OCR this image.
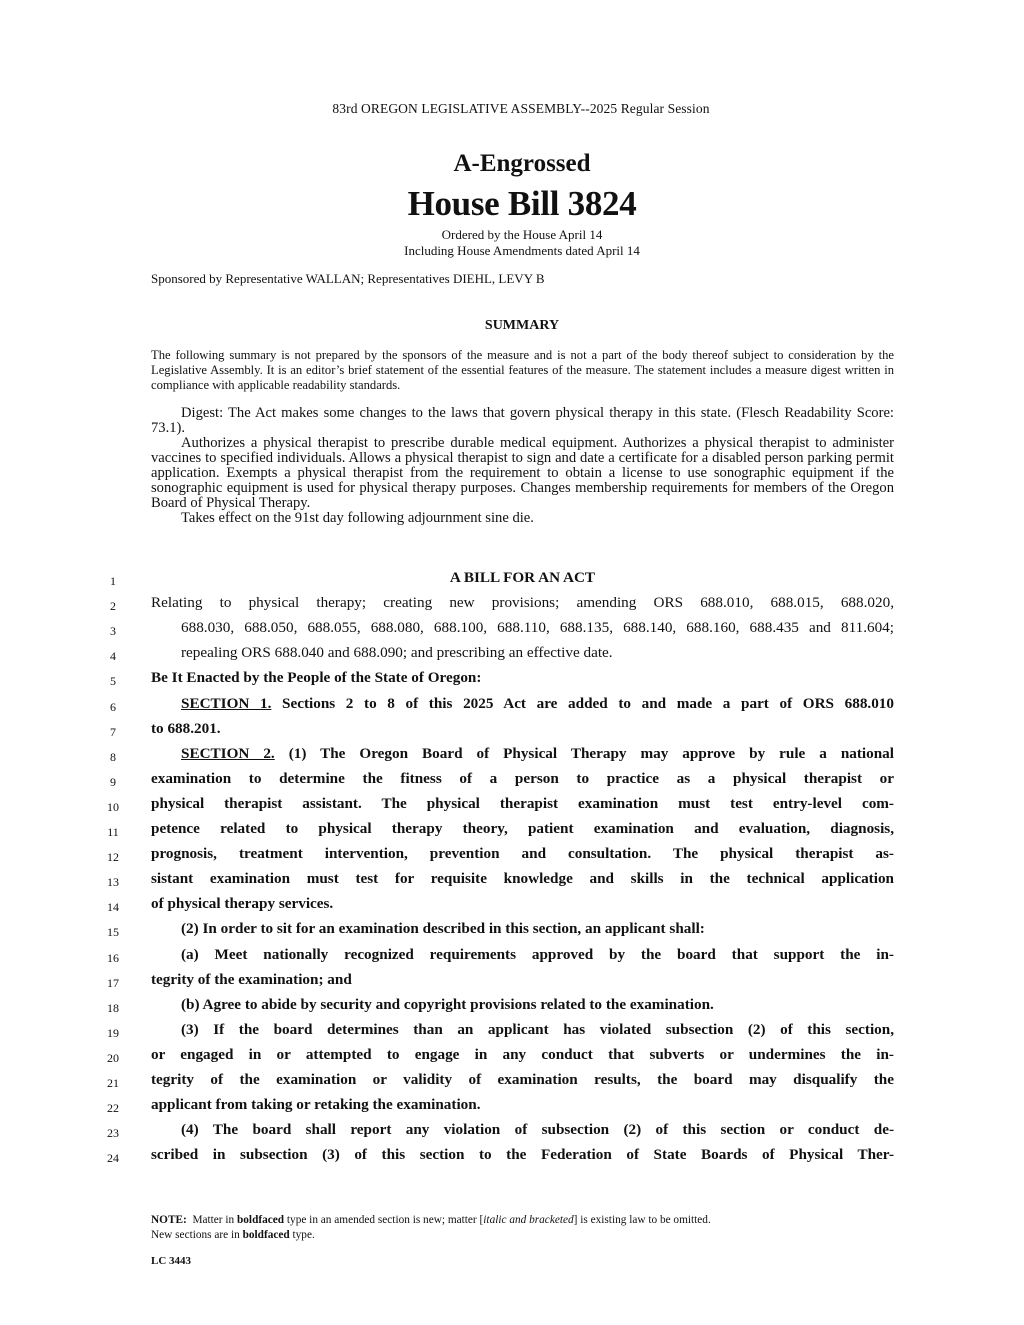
83rd OREGON LEGISLATIVE ASSEMBLY--2025 Regular Session
A-Engrossed
House Bill 3824
Ordered by the House April 14
Including House Amendments dated April 14
Sponsored by Representative WALLAN; Representatives DIEHL, LEVY B
SUMMARY
The following summary is not prepared by the sponsors of the measure and is not a part of the body thereof subject to consideration by the Legislative Assembly. It is an editor’s brief statement of the essential features of the measure. The statement includes a measure digest written in compliance with applicable readability standards.

Digest: The Act makes some changes to the laws that govern physical therapy in this state. (Flesch Readability Score: 73.1).

Authorizes a physical therapist to prescribe durable medical equipment. Authorizes a physical therapist to administer vaccines to specified individuals. Allows a physical therapist to sign and date a certificate for a disabled person parking permit application. Exempts a physical therapist from the requirement to obtain a license to use sonographic equipment if the sonographic equipment is used for physical therapy purposes. Changes membership requirements for members of the Oregon Board of Physical Therapy.

Takes effect on the 91st day following adjournment sine die.

1	A BILL FOR AN ACT
2	Relating to physical therapy; creating new provisions; amending ORS 688.010, 688.015, 688.020,
3	688.030, 688.050, 688.055, 688.080, 688.100, 688.110, 688.135, 688.140, 688.160, 688.435 and 811.604;
4	repealing ORS 688.040 and 688.090; and prescribing an effective date.
5	Be It Enacted by the People of the State of Oregon:
6	SECTION 1. Sections 2 to 8 of this 2025 Act are added to and made a part of ORS 688.010
7	to 688.201.
8	SECTION 2. (1) The Oregon Board of Physical Therapy may approve by rule a national
9	examination to determine the fitness of a person to practice as a physical therapist or
10	physical therapist assistant. The physical therapist examination must test entry-level com-
11	petence related to physical therapy theory, patient examination and evaluation, diagnosis,
12	prognosis, treatment intervention, prevention and consultation. The physical therapist as-
13	sistant examination must test for requisite knowledge and skills in the technical application
14	of physical therapy services.
15	(2) In order to sit for an examination described in this section, an applicant shall:
16	(a) Meet nationally recognized requirements approved by the board that support the in-
17	tegrity of the examination; and
18	(b) Agree to abide by security and copyright provisions related to the examination.
19	(3) If the board determines than an applicant has violated subsection (2) of this section,
20	or engaged in or attempted to engage in any conduct that subverts or undermines the in-
21	tegrity of the examination or validity of examination results, the board may disqualify the
22	applicant from taking or retaking the examination.
23	(4) The board shall report any violation of subsection (2) of this section or conduct de-
24	scribed in subsection (3) of this section to the Federation of State Boards of Physical Ther-
NOTE: Matter in boldfaced type in an amended section is new; matter [italic and bracketed] is existing law to be omitted.
New sections are in boldfaced type.
LC 3443
